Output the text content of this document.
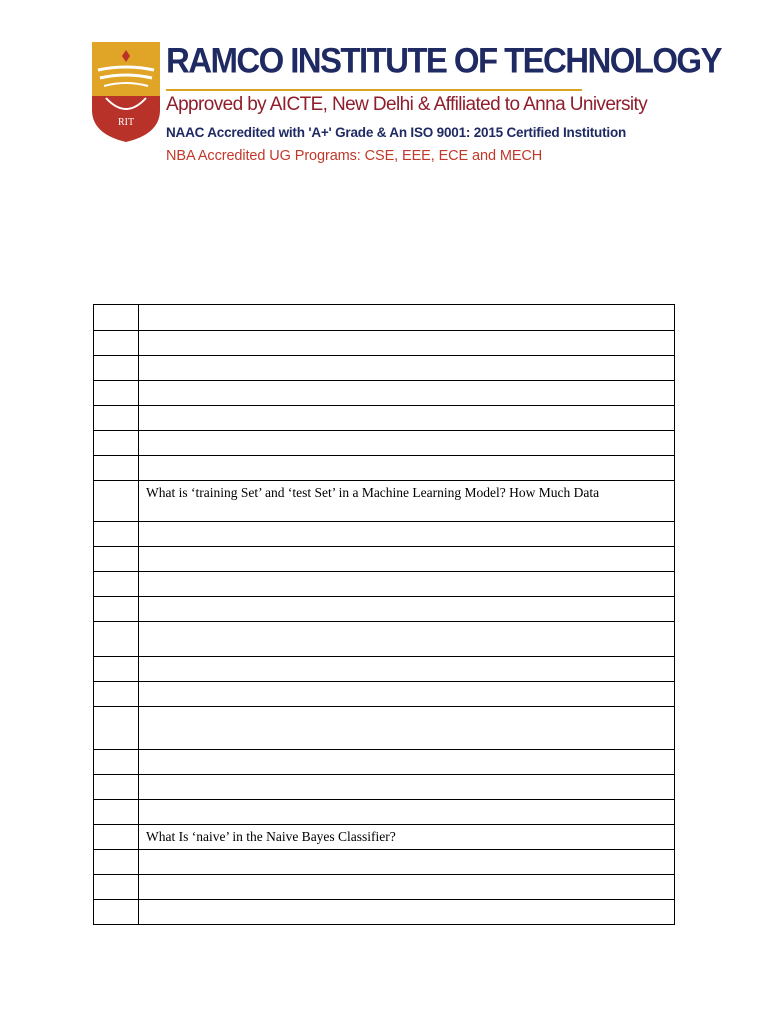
RIT
RAMCO INSTITUTE OF TECHNOLOGY
Approved by AICTE, New Delhi & Affiliated to Anna University
NAAC Accredited with 'A+' Grade & An ISO 9001: 2015 Certified Institution
NBA Accredited UG Programs: CSE, EEE, ECE and MECH

	What is ‘training Set’ and ‘test Set’ in a Machine Learning Model? How Much Data

	What Is ‘naive’ in the Naive Bayes Classifier?
